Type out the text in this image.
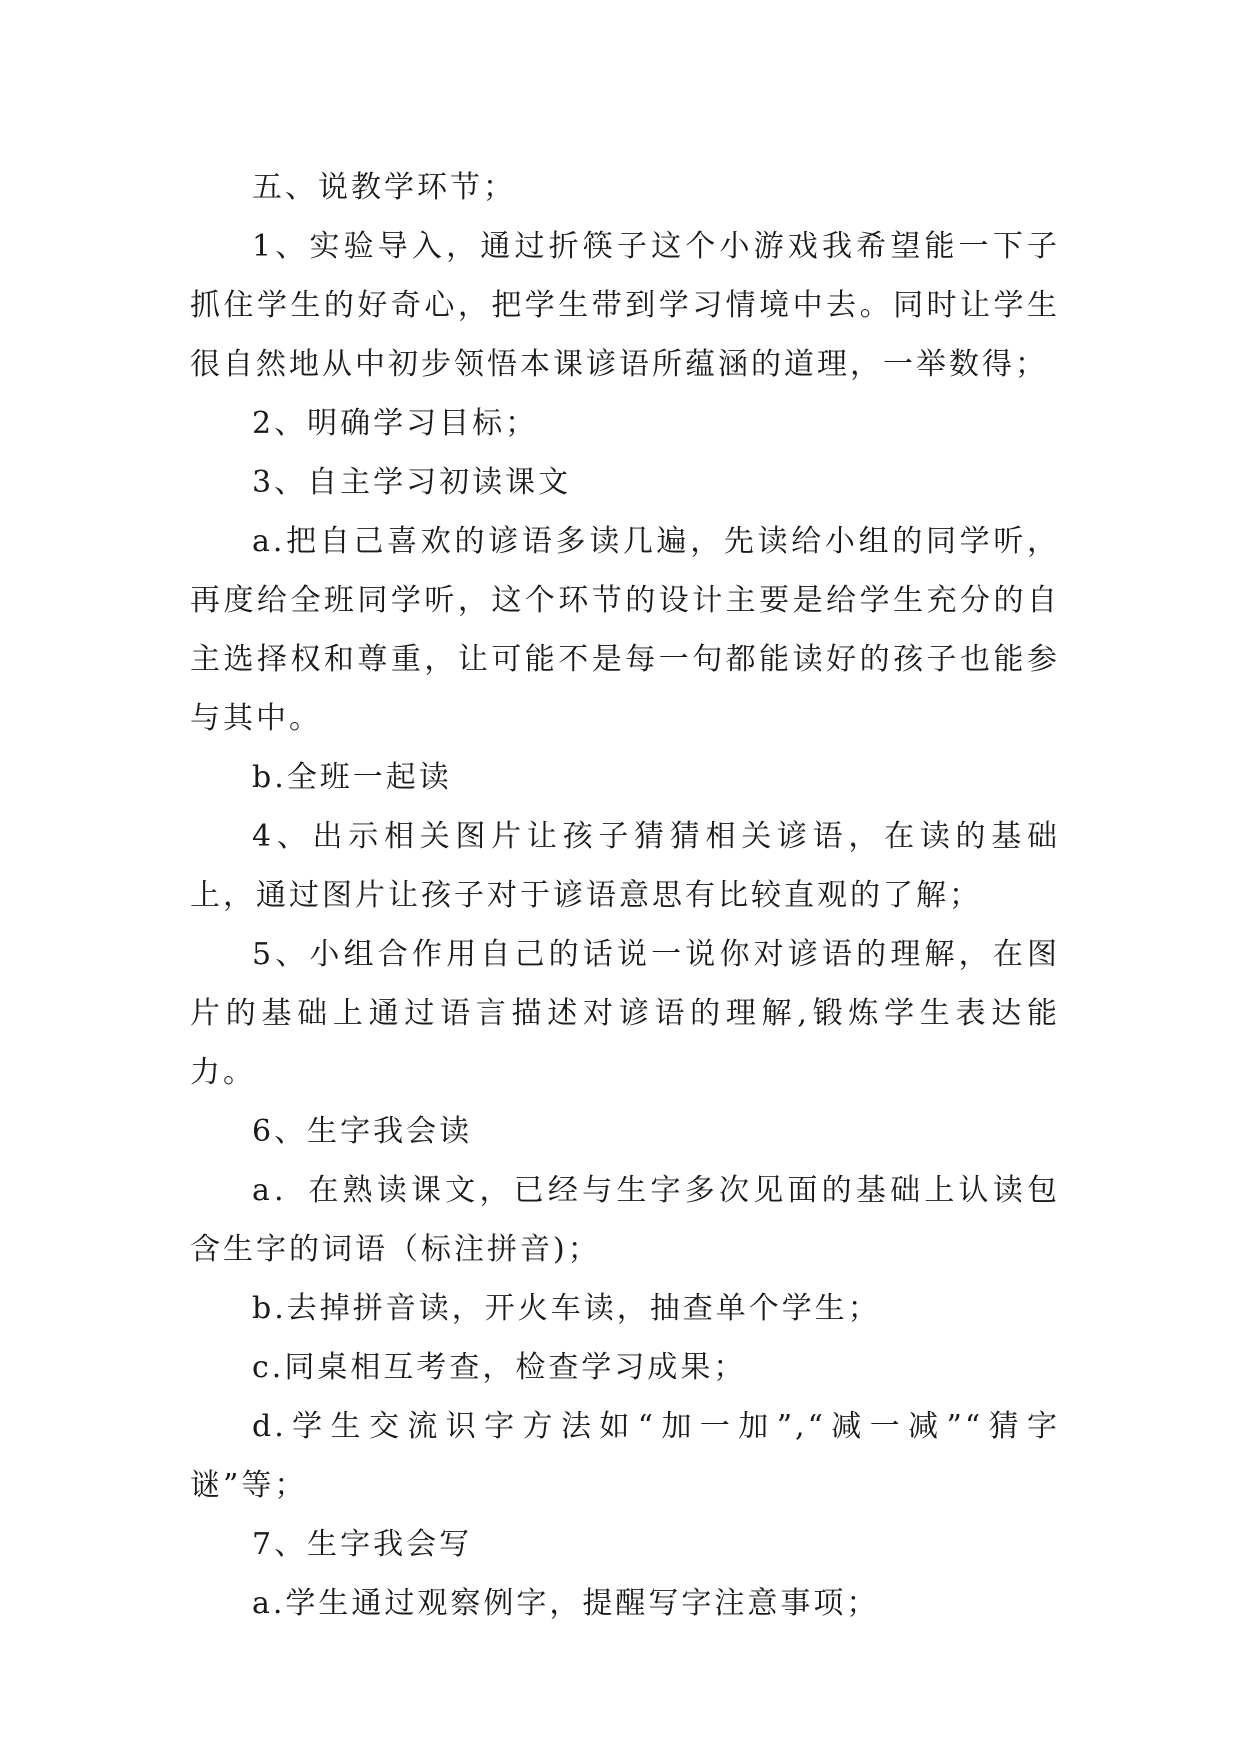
五、说教学环节；

1、实验导入，通过折筷子这个小游戏我希望能一下子抓住学生的好奇心，把学生带到学习情境中去。同时让学生很自然地从中初步领悟本课谚语所蕴涵的道理，一举数得；

2、明确学习目标；

3、自主学习初读课文

a.把自己喜欢的谚语多读几遍，先读给小组的同学听，再度给全班同学听，这个环节的设计主要是给学生充分的自主选择权和尊重，让可能不是每一句都能读好的孩子也能参与其中。

b.全班一起读

4、出示相关图片让孩子猜猜相关谚语，在读的基础上，通过图片让孩子对于谚语意思有比较直观的了解；

5、小组合作用自己的话说一说你对谚语的理解，在图片的基础上通过语言描述对谚语的理解,锻炼学生表达能力。

6、生字我会读

a．在熟读课文，已经与生字多次见面的基础上认读包含生字的词语（标注拼音)；

b.去掉拼音读，开火车读，抽查单个学生；

c.同桌相互考查，检查学习成果；

d.学生交流识字方法如“加一加”,“减一减”“猜字谜”等；

7、生字我会写

a.学生通过观察例字，提醒写字注意事项；
